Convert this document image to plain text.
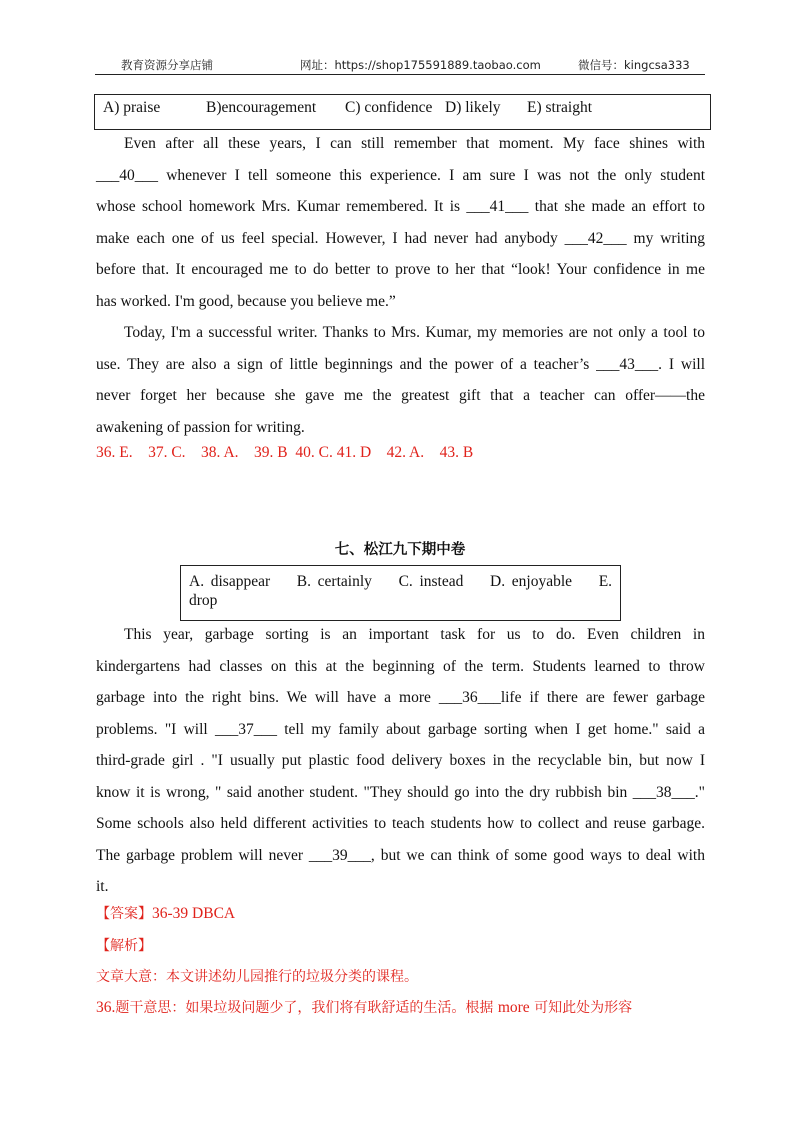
教育资源分享店铺	网址：https://shop175591889.taobao.com	微信号：kingcsa333
A) praise	B)encouragement C) confidence D) likely E) straight
Even after all these years, I can still remember that moment. My face shines with
___40___ whenever I tell someone this experience. I am sure I was not the only student
whose school homework Mrs. Kumar remembered. It is ___41___ that she made an effort to
make each one of us feel special. However, I had never had anybody ___42___ my writing
before that. It encouraged me to do better to prove to her that “look! Your confidence in me
has worked. I'm good, because you believe me.”
Today, I'm a successful writer. Thanks to Mrs. Kumar, my memories are not only a tool to
use. They are also a sign of little beginnings and the power of a teacher’s ___43___. I will
never forget her because she gave me the greatest gift that a teacher can offer——the
awakening of passion for writing.
36. E.    37. C.    38. A.    39. B  40. C. 41. D    42. A.    43. B
七、松江九下期中卷
A. disappear B. certainly C. instead D. enjoyable E.
drop
This year, garbage sorting is an important task for us to do. Even children in
kindergartens had classes on this at the beginning of the term. Students learned to throw
garbage into the right bins. We will have a more ___36___life if there are fewer garbage
problems. "I will ___37___ tell my family about garbage sorting when I get home." said a
third-grade girl . "I usually put plastic food delivery boxes in the recyclable bin, but now I
know it is wrong, " said another student. "They should go into the dry rubbish bin ___38___."
Some schools also held different activities to teach students how to collect and reuse garbage.
The garbage problem will never ___39___, but we can think of some good ways to deal with
it.
【答案】36-39 DBCA
【解析】
文章大意：本文讲述幼儿园推行的垃圾分类的课程。
36.题干意思：如果垃圾问题少了，我们将有耿舒适的生活。根据 more 可知此处为形容
